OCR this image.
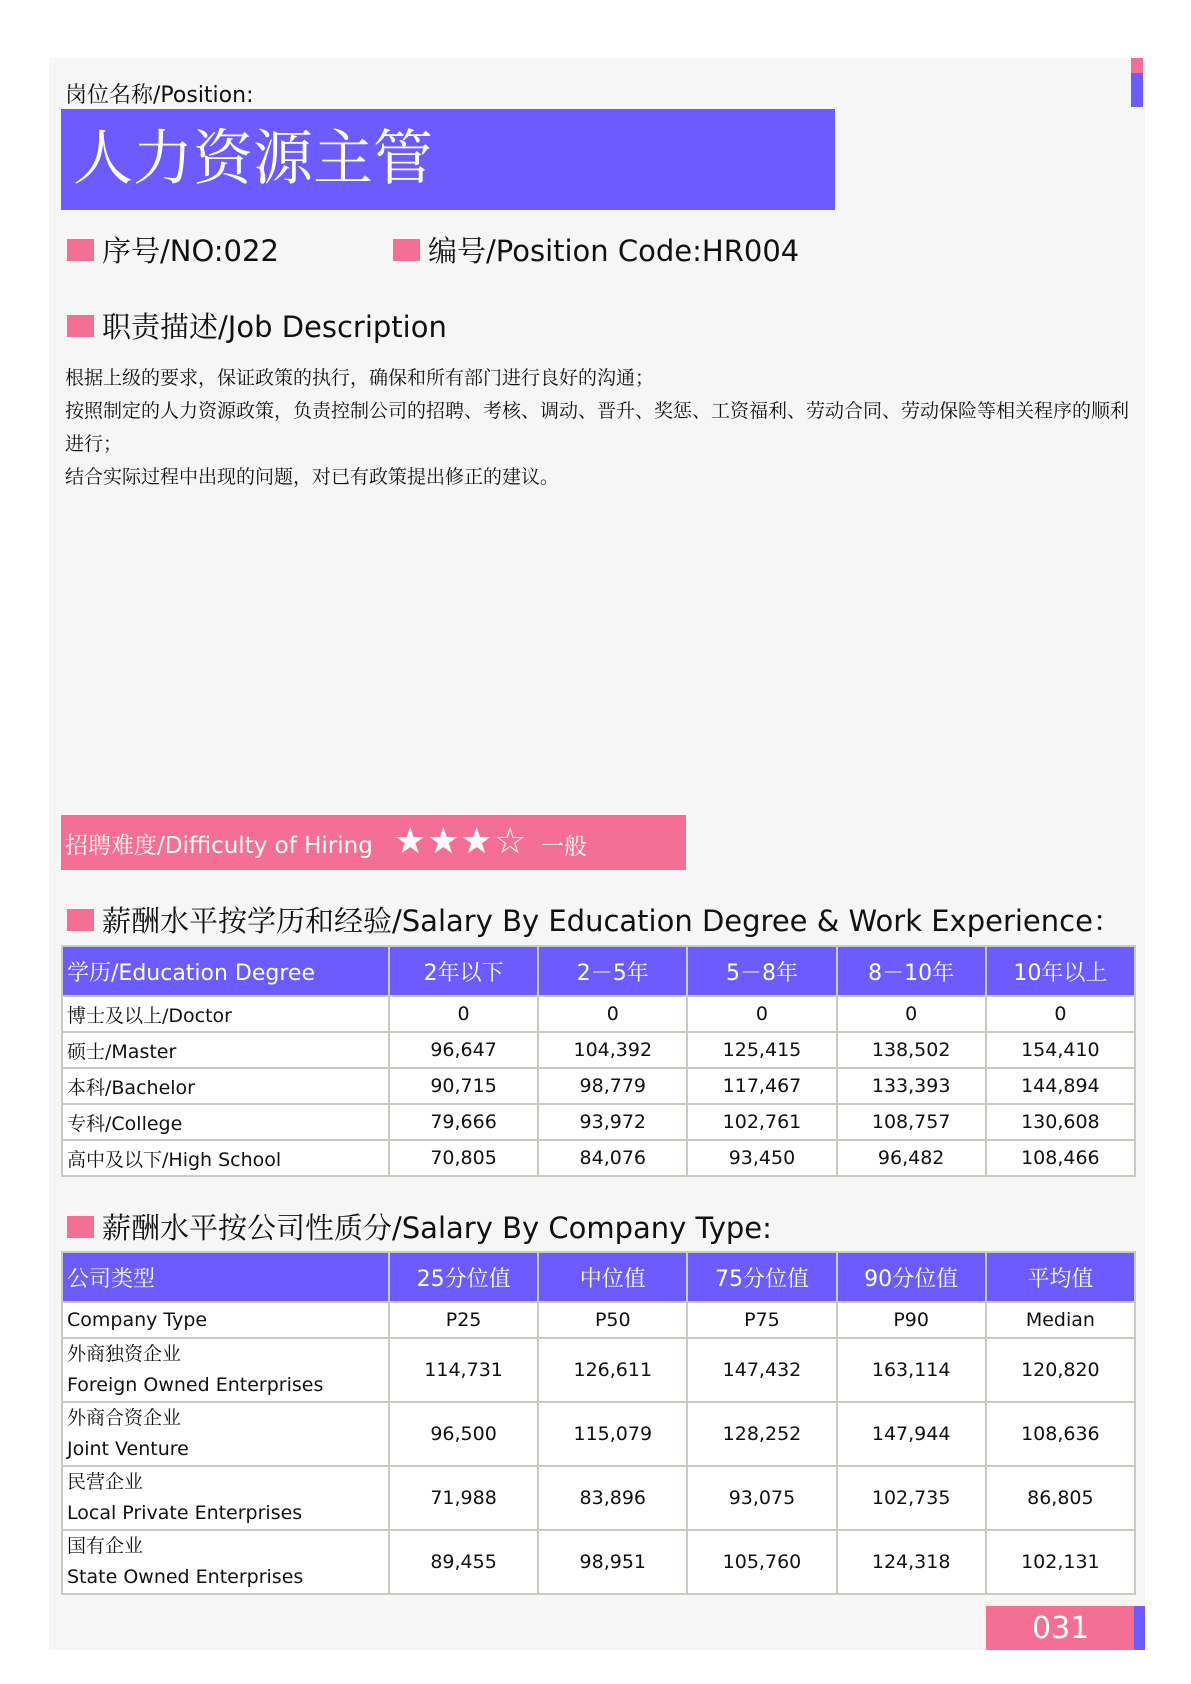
岗位名称/Position:
人力资源主管
序号/NO:022	编号/Position Code:HR004
职责描述/Job Description
根据上级的要求，保证政策的执行，确保和所有部门进行良好的沟通；
按照制定的人力资源政策，负责控制公司的招聘、考核、调动、晋升、奖惩、工资福利、劳动合同、劳动保险等相关程序的顺利进行；
结合实际过程中出现的问题，对已有政策提出修正的建议。
招聘难度/Difficulty of Hiring ★★★☆ 一般
薪酬水平按学历和经验/Salary By Education Degree & Work Experience：
学历/Education Degree	2年以下	2－5年	5－8年	8－10年	10年以上
博士及以上/Doctor	0	0	0	0	0
硕士/Master	96,647	104,392	125,415	138,502	154,410
本科/Bachelor	90,715	98,779	117,467	133,393	144,894
专科/College	79,666	93,972	102,761	108,757	130,608
高中及以下/High School	70,805	84,076	93,450	96,482	108,466
薪酬水平按公司性质分/Salary By Company Type:
公司类型	25分位值	中位值	75分位值	90分位值	平均值
Company Type	P25	P50	P75	P90	Median

外商独资企业
Foreign Owned Enterprises	114,731	126,611	147,432	163,114	120,820

外商合资企业
Joint Venture	96,500	115,079	128,252	147,944	108,636

民营企业
Local Private Enterprises	71,988	83,896	93,075	102,735	86,805

国有企业
State Owned Enterprises	89,455	98,951	105,760	124,318	102,131
031
